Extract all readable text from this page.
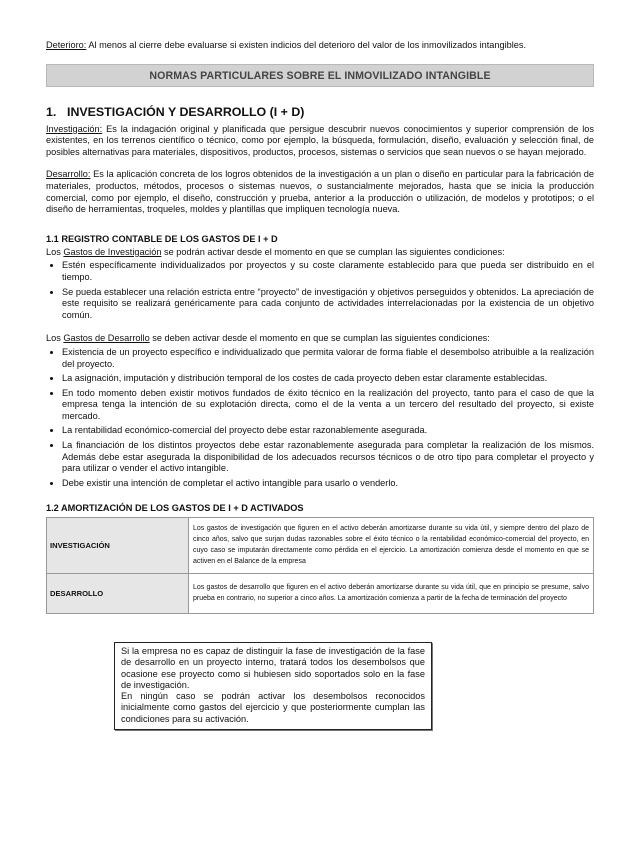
Deterioro: Al menos al cierre debe evaluarse si existen indicios del deterioro del valor de los inmovilizados intangibles.

NORMAS PARTICULARES SOBRE EL INMOVILIZADO INTANGIBLE
1. INVESTIGACIÓN Y DESARROLLO (I + D)

Investigación: Es la indagación original y planificada que persigue descubrir nuevos conocimientos y superior comprensión de los existentes, en los terrenos científico o técnico, como por ejemplo, la búsqueda, formulación, diseño, evaluación y selección final, de posibles alternativas para materiales, dispositivos, productos, procesos, sistemas o servicios que sean nuevos o se hayan mejorado.

Desarrollo: Es la aplicación concreta de los logros obtenidos de la investigación a un plan o diseño en particular para la fabricación de materiales, productos, métodos, procesos o sistemas nuevos, o sustancialmente mejorados, hasta que se inicia la producción comercial, como por ejemplo, el diseño, construcción y prueba, anterior a la producción o utilización, de modelos y prototipos; o el diseño de herramientas, troqueles, moldes y plantillas que impliquen tecnología nueva.

1.1 REGISTRO CONTABLE DE LOS GASTOS DE I + D

Los Gastos de Investigación se podrán activar desde el momento en que se cumplan las siguientes condiciones:

• Estén específicamente individualizados por proyectos y su coste claramente establecido para que pueda ser distribuido en el tiempo.
• Se pueda establecer una relación estricta entre “proyecto” de investigación y objetivos perseguidos y obtenidos. La apreciación de este requisito se realizará genéricamente para cada conjunto de actividades interrelacionadas por la existencia de un objetivo común.

Los Gastos de Desarrollo se deben activar desde el momento en que se cumplan las siguientes condiciones:

• Existencia de un proyecto específico e individualizado que permita valorar de forma fiable el desembolso atribuible a la realización del proyecto.
• La asignación, imputación y distribución temporal de los costes de cada proyecto deben estar claramente establecidas.
• En todo momento deben existir motivos fundados de éxito técnico en la realización del proyecto, tanto para el caso de que la empresa tenga la intención de su explotación directa, como el de la venta a un tercero del resultado del proyecto, si existe mercado.
• La rentabilidad económico-comercial del proyecto debe estar razonablemente asegurada.
• La financiación de los distintos proyectos debe estar razonablemente asegurada para completar la realización de los mismos. Además debe estar asegurada la disponibilidad de los adecuados recursos técnicos o de otro tipo para completar el proyecto y para utilizar o vender el activo intangible.
• Debe existir una intención de completar el activo intangible para usarlo o venderlo.
1.2 AMORTIZACIÓN DE LOS GASTOS DE I + D ACTIVADOS
INVESTIGACIÓN	Los gastos de investigación que figuren en el activo deberán amortizarse durante su vida útil, y siempre dentro del plazo de cinco años, salvo que surjan dudas razonables sobre el éxito técnico o la rentabilidad económico-comercial del proyecto, en cuyo caso se imputarán directamente como pérdida en el ejercicio. La amortización comienza desde el momento en que se activen en el Balance de la empresa
DESARROLLO	Los gastos de desarrollo que figuren en el activo deberán amortizarse durante su vida útil, que en principio se presume, salvo prueba en contrario, no superior a cinco años. La amortización comienza a partir de la fecha de terminación del proyecto

Si la empresa no es capaz de distinguir la fase de investigación de la fase de desarrollo en un proyecto interno, tratará todos los desembolsos que ocasione ese proyecto como si hubiesen sido soportados solo en la fase de investigación.

En ningún caso se podrán activar los desembolsos reconocidos inicialmente como gastos del ejercicio y que posteriormente cumplan las condiciones para su activación.
